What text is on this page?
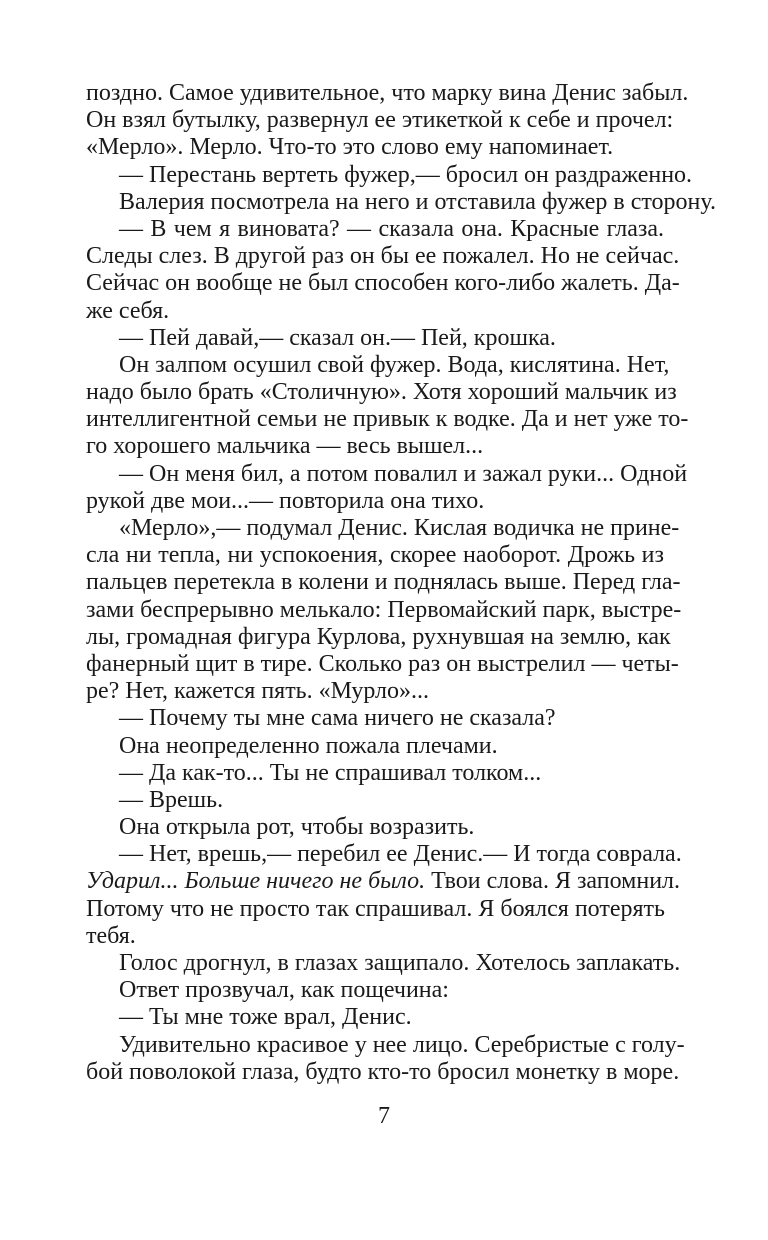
поздно. Самое удивительное, что марку вина Денис забыл.
Он взял бутылку, развернул ее этикеткой к себе и прочел:
«Мерло». Мерло. Что-то это слово ему напоминает.
— Перестань вертеть фужер,— бросил он раздраженно.
Валерия посмотрела на него и отставила фужер в сторону.
— В чем я виновата? — сказала она. Красные глаза.
Следы слез. В другой раз он бы ее пожалел. Но не сейчас.
Сейчас он вообще не был способен кого-либо жалеть. Да-
же себя.
— Пей давай,— сказал он.— Пей, крошка.
Он залпом осушил свой фужер. Вода, кислятина. Нет,
надо было брать «Столичную». Хотя хороший мальчик из
интеллигентной семьи не привык к водке. Да и нет уже то-
го хорошего мальчика — весь вышел...
— Он меня бил, а потом повалил и зажал руки... Одной
рукой две мои...— повторила она тихо.
«Мерло»,— подумал Денис. Кислая водичка не прине-
сла ни тепла, ни успокоения, скорее наоборот. Дрожь из
пальцев перетекла в колени и поднялась выше. Перед гла-
зами беспрерывно мелькало: Первомайский парк, выстре-
лы, громадная фигура Курлова, рухнувшая на землю, как
фанерный щит в тире. Сколько раз он выстрелил — четы-
ре? Нет, кажется пять. «Мурло»...
— Почему ты мне сама ничего не сказала?
Она неопределенно пожала плечами.
— Да как-то... Ты не спрашивал толком...
— Врешь.
Она открыла рот, чтобы возразить.
— Нет, врешь,— перебил ее Денис.— И тогда соврала.
Ударил... Больше ничего не было. Твои слова. Я запомнил.
Потому что не просто так спрашивал. Я боялся потерять
тебя.
Голос дрогнул, в глазах защипало. Хотелось заплакать.
Ответ прозвучал, как пощечина:
— Ты мне тоже врал, Денис.
Удивительно красивое у нее лицо. Серебристые с голу-
бой поволокой глаза, будто кто-то бросил монетку в море.
7
